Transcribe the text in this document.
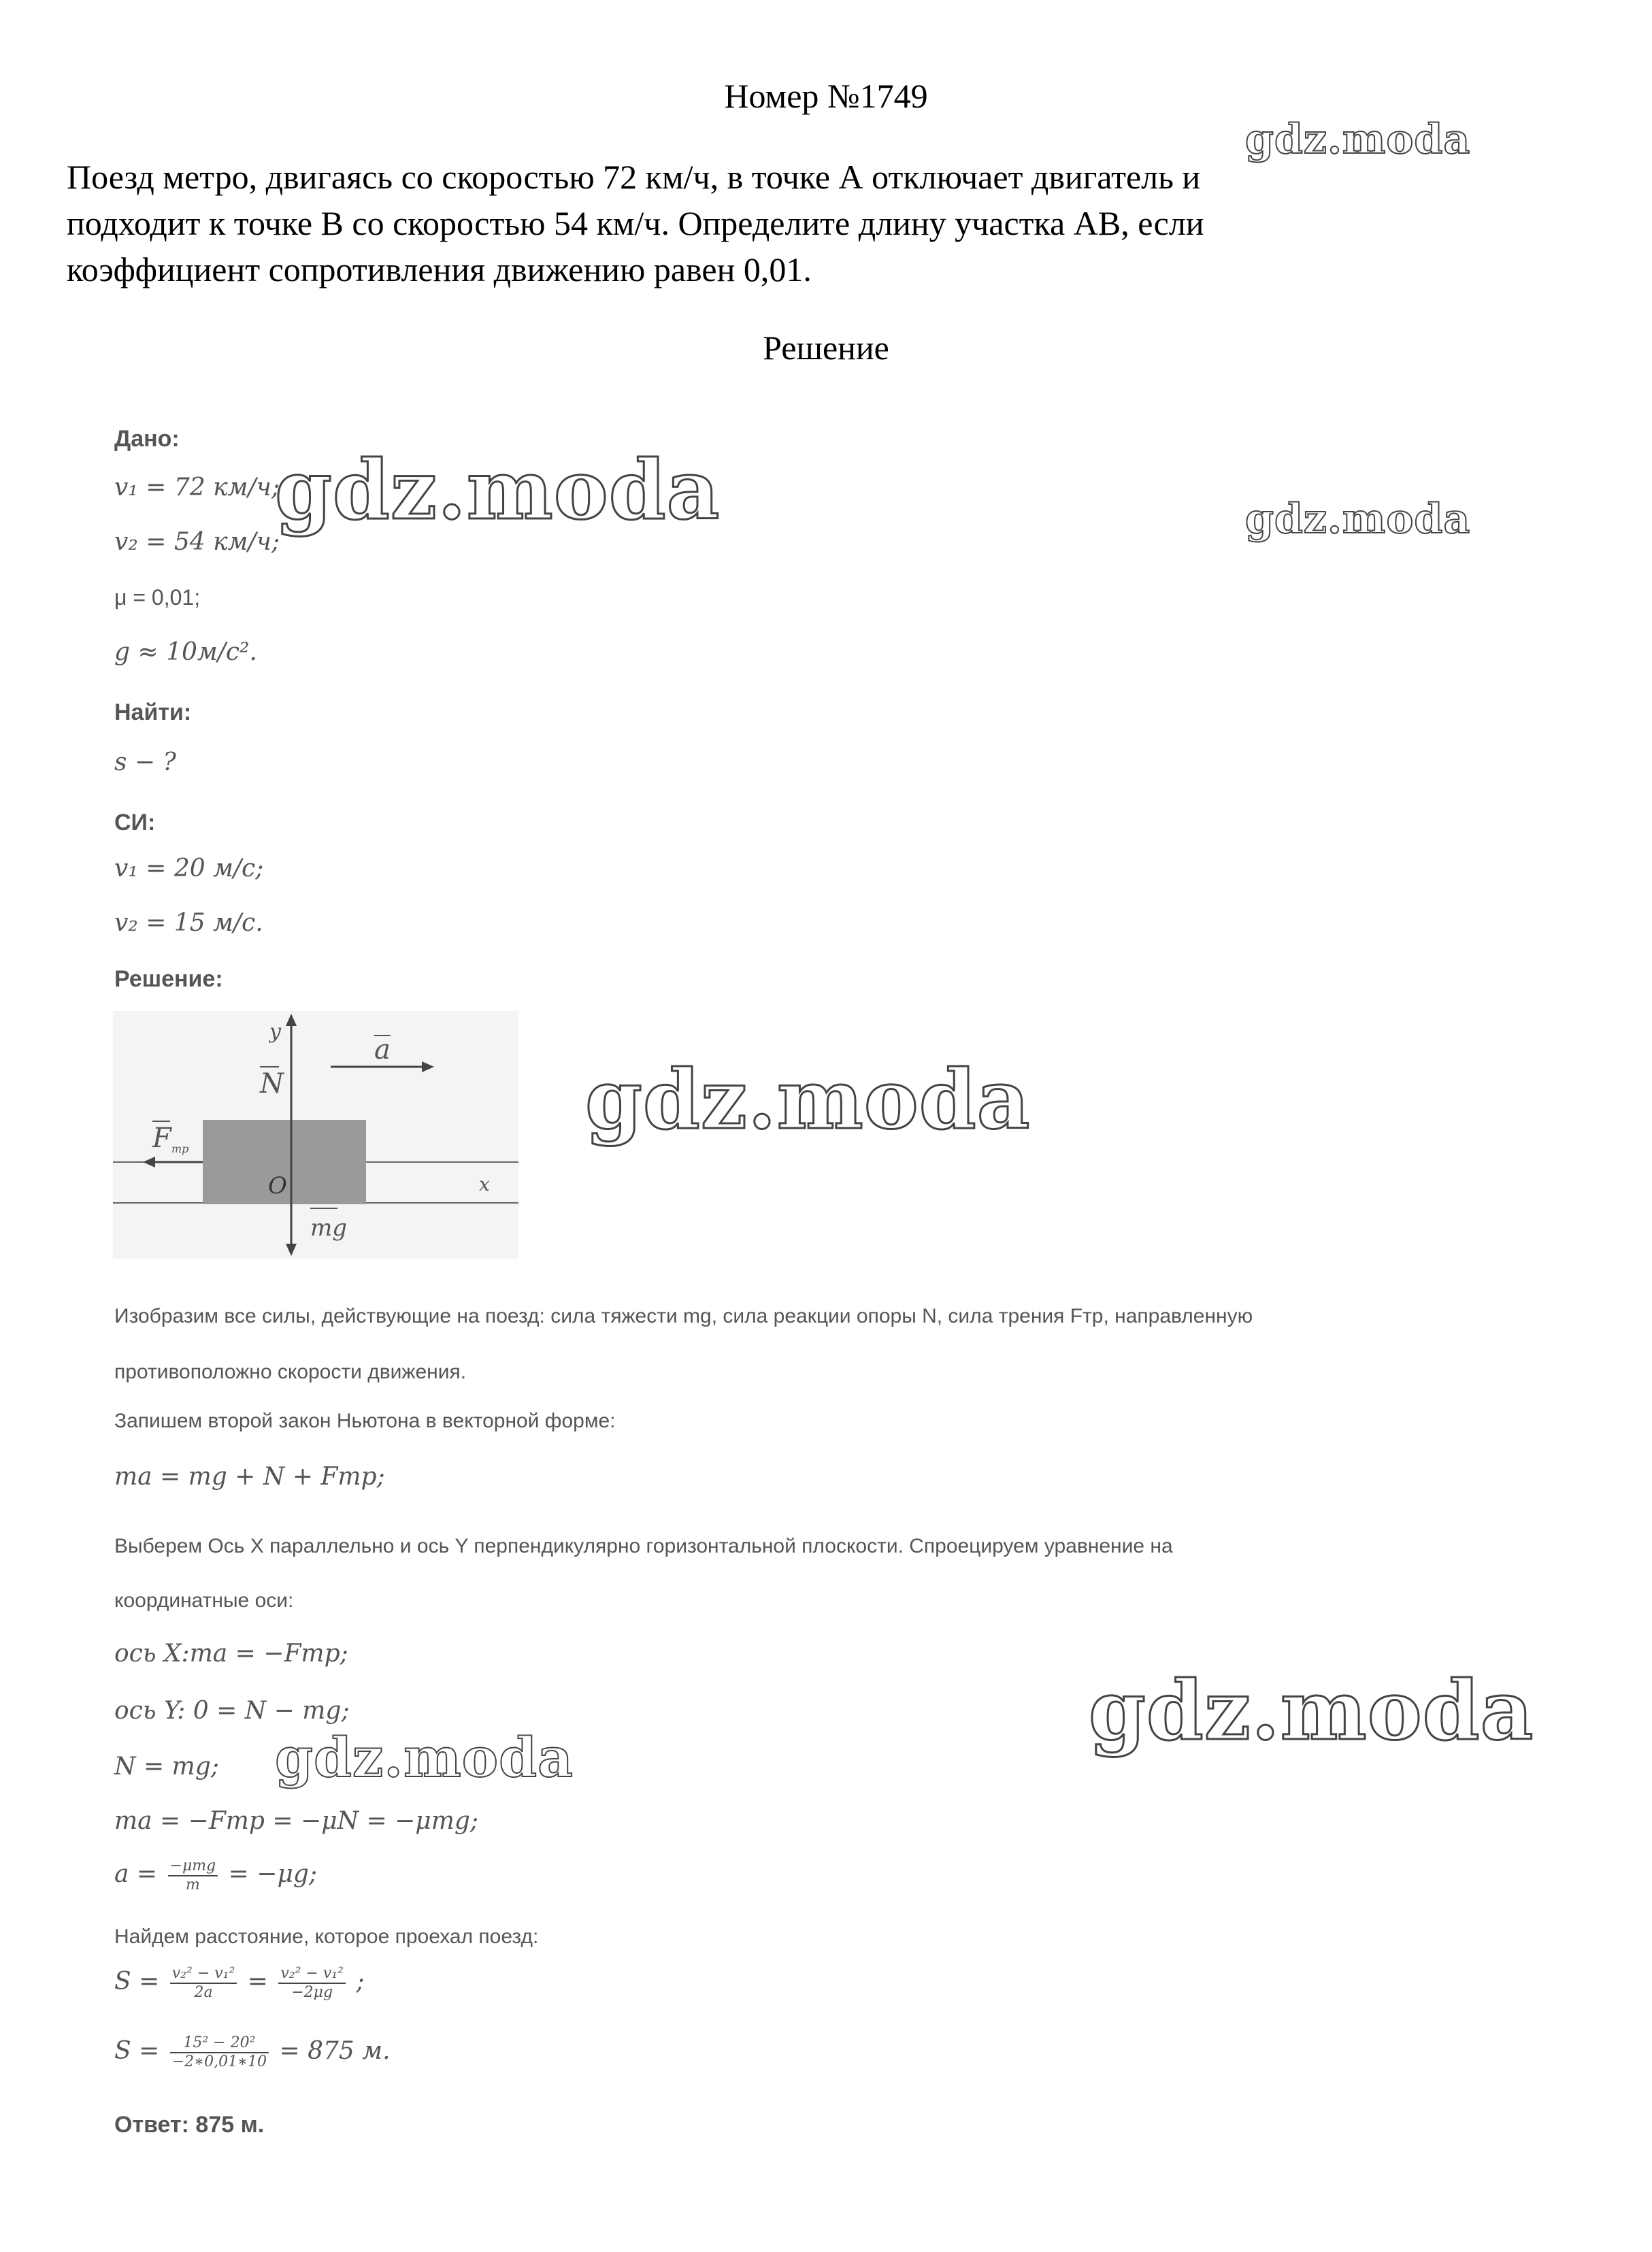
Номер №1749
Поезд метро, двигаясь со скоростью 72 км/ч, в точке А отключает двигатель и
подходит к точке В со скоростью 54 км/ч. Определите длину участка АВ, если
коэффициент сопротивления движению равен 0,01.
Решение
Дано:
v₁ = 72 км/ч;
v₂ = 54 км/ч;
μ = 0,01;
g ≈ 10м/с².
Найти:
s − ?
СИ:
v₁ = 20 м/с;
v₂ = 15 м/с.
Решение:
y
a
N
F тр
O	x
mg
Изобразим все силы, действующие на поезд: сила тяжести mg, сила реакции опоры N, сила трения Fтр, направленную
противоположно скорости движения.
Запишем второй закон Ньютона в векторной форме:
ma = mg + N + Fтр;
Выберем Ось X параллельно и ось Y перпендикулярно горизонтальной плоскости. Спроецируем уравнение на
координатные оси:
ось X:ma = −Fтр;
ось Y: 0 = N − mg;
N = mg;
ma = −Fтр = −μN = −μmg;
$a = \frac{\text{−μmg}}{m} = -\mu g$;
Найдем расстояние, которое проехал поезд:
$S = \frac{\text{v₂² − v₁²}}{2a} = \frac{\text{v₂² − v₁²}}{-2\mu g}$ ;
$S = \frac{\text{15² − 20²}}{-2∗0,01∗10} = 875$ м.
Ответ: 875 м.
gdz.moda
gdz.moda	gdz.moda
gdz.moda
gdz.moda
gdz.moda
